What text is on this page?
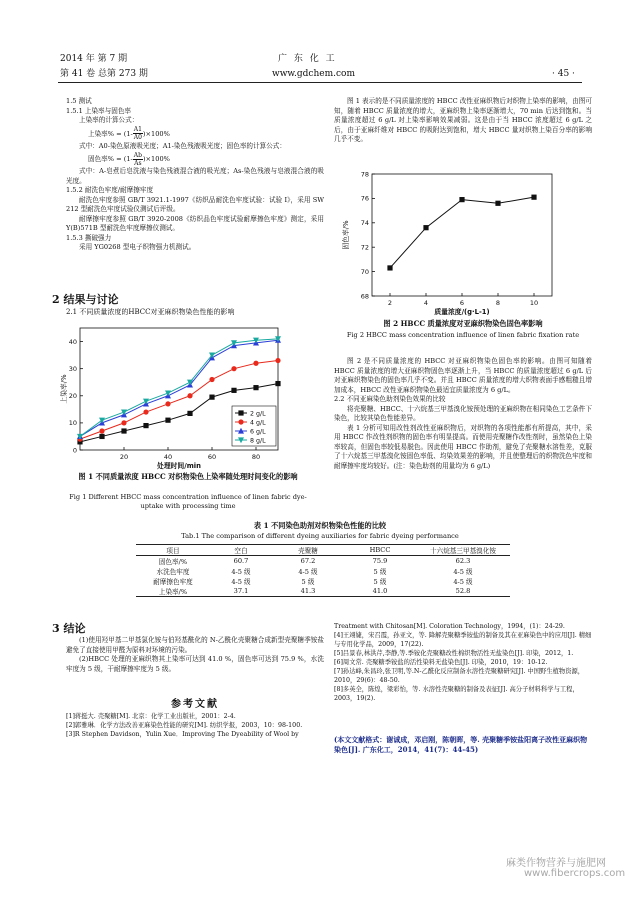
2014 年 第 7 期
第 41 卷 总第 273 期
广 东 化 工
www.gdchem.com	· 45 ·

1.5 测试

1.5.1 上染率与固色率

上染率的计算公式：

上染率% = $(1- \frac{A1}{A0} )\times 100\%$

式中：A0-染色原液吸光度；A1-染色残液吸光度；固色率的计算公式：

固色率% = $(1- \frac{Ab}{As} )\times 100\%$

式中：A-皂煮后皂洗液与染色残液混合液的吸光度；As-染色残液与皂液混合液的吸光度。

1.5.2 耐洗色牢度/耐摩擦牢度

耐洗色牢度参照 GB/T 3921.1-1997《纺织品耐洗色牢度试验：试验 I》，采用 SW 212 型耐洗色牢度试验仪测试后评级。

耐摩擦牢度参照 GB/T 3920-2008《纺织品色牢度试验耐摩擦色牢度》测定，采用 Y(B)571B 型耐洗色牢度摩擦仪测试。

1.5.3 撕破强力

采用 YG0268 型电子织物强力机测试。

2 结果与讨论
2.1 不同质量浓度的HBCC对亚麻织物染色性能的影响
20	40	60	80
0
10
20
30
40
处理时间/min
上染率/%
2 g/L
4 g/L
6 g/L
8 g/L
图 1 不同质量浓度 HBCC 对织物染色上染率随处理时间变化的影响
Fig 1 Different HBCC mass concentration influence of linen fabric dye-uptake with processing time

图 1 表示的是不同质量浓度的 HBCC 改性亚麻织物后对织物上染率的影响，由图可知，随着 HBCC 质量浓度的增大，亚麻织物上染率逐渐增大，70 min 后达到饱和。当质量浓度超过 6 g/L 对上染率影响效果减弱。这是由于当 HBCC 浓度超过 6 g/L 之后，由于亚麻纤维对 HBCC 的吸附达到饱和，增大 HBCC 量对织物上染百分率的影响几乎不变。

2	4	6	8	10
68
70
72
74
76
78
质量浓度/(g·L-1)
固色率/%
图 2 HBCC 质量浓度对亚麻织物染色固色率影响
Fig 2 HBCC mass concentration influence of linen fabric fixation rate

图 2 是不同质量浓度的 HBCC 对亚麻织物染色固色率的影响。由图可知随着 HBCC 质量浓度的增大亚麻织物固色率逐渐上升，当 HBCC 的质量浓度超过 6 g/L 后对亚麻织物染色的固色率几乎不变。并且 HBCC 质量浓度的增大织物表面手感粗糙且增加成本，HBCC 改性亚麻织物染色最适宜质量浓度为 6 g/L。

2.2 不同亚麻染色助剂染色效果的比较

将壳聚糖、HBCC、十六烷基三甲基溴化铵预处理的亚麻织物在相同染色工艺条件下染色，比较其染色性能差异。

表 1 分析可知用改性剂改性亚麻织物后，对织物的各项性能都有所提高，其中，采用 HBCC 作改性剂织物的固色率有明显提高。而使用壳聚糖作改性剂时，虽然染色上染率较高，但固色率较低易脱色。因此使用 HBCC 作助剂，避免了壳聚糖水溶性差，克服了十六烷基三甲基溴化铵固色率低、均染效果差的影响，并且使整理后的织物洗色牢度和耐摩擦牢度均较好。(注：染色助剂的用量均为 6 g/L)

表 1 不同染色助剂对织物染色性能的比较
Tab.1 The comparison of different dyeing auxiliaries for fabric dyeing performance
项目	空白	壳聚糖	HBCC	十六烷基三甲基溴化铵
固色率/%	60.7	67.2	75.9	62.3
水洗色牢度	4-5 级	4-5 级	5 级	4-5 级
耐摩擦色牢度	4-5 级	5 级	5 级	4-5 级
上染率/%	37.1	41.3	41.0	52.8
3 结论

(1)使用羟甲基二甲基氯化铵与伯羟基酰化的 N-乙酰化壳聚糖合成新型壳聚糖季铵盐避免了直接使用甲醛为原料对环境的污染。

(2)HBCC 处理的亚麻织物其上染率可达到 41.0 %，固色率可达到 75.9 %，水洗牢度为 5 级，干耐摩擦牢度为 5 级。

参考文献

[1]蒋挺大. 壳聚糖[M]. 北京：化学工业出版社，2001：2-4.

[2]郭雅琳．化学方法改善亚麻染色性能的研究[M]. 纺织学报，2003，10：98-100.

[3]R Stephen Davidson，Yulin Xue．Improving The Dyeability of Wool by

Treatment with Chitosan[M]. Coloration Technology，1994，(1)：24-29.

[4]王翊婕，宋召霞，孙亚文，等. 降解壳聚糖季铵盐的制备及其在亚麻染色中的应用[J]. 精细与专用化学品，2009，17(22).

[5]吕景春,林洪芹,李静,等.季铵化壳聚糖改性棉织物活性无盐染色[J]. 印染，2012，1.

[6]周文常. 壳聚糖季铵盐的活性染料无盐染色[J]. 印染，2010，19：10-12.

[7]孙达峰,朱昌玲,张卫明,等.N-乙酰化反应制备水溶性壳聚糖研究[J]. 中国野生植物资源，2010，29(6)：48-50.

[8]多英全，陈煌，梁彩怡，等. 水溶性壳聚糖的制备及表征[J]. 高分子材料科学与工程，2003，19(2).

(本文文献格式：谢诚成，邓启刚，陈朝晖，等. 壳聚糖季铵盐阳离子改性亚麻织物染色[J]. 广东化工，2014，41(7)：44-45)
麻类作物营养与施肥网
www.fibercrops.com
